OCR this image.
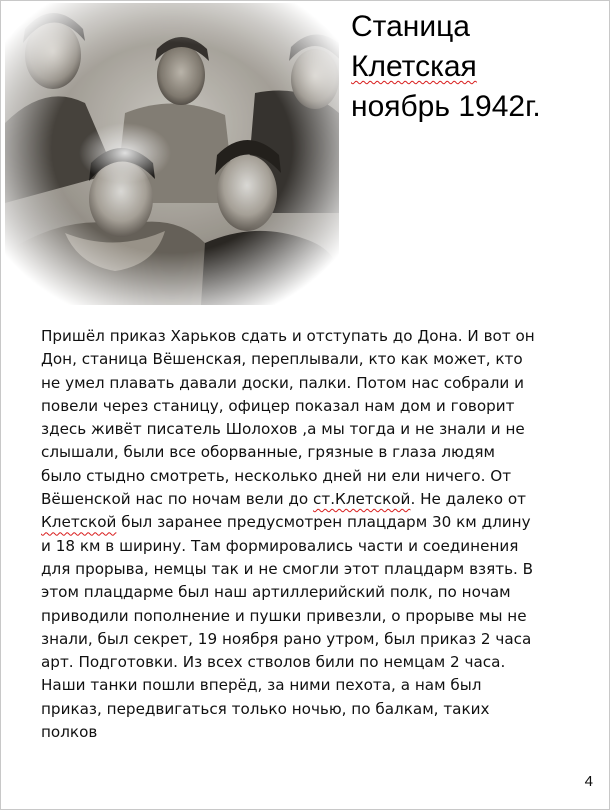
Станица
Клетская
ноябрь 1942г.
Пришёл приказ Харьков сдать и отступать до Дона. И вот он
Дон, станица Вёшенская, переплывали, кто как может, кто
не умел плавать давали доски, палки. Потом нас собрали и
повели через станицу, офицер показал нам дом и говорит
здесь живёт писатель Шолохов ,а мы тогда и не знали и не
слышали, были все оборванные, грязные в глаза людям
было стыдно смотреть, несколько дней ни ели ничего. От
Вёшенской нас по ночам вели до ст.Клетской. Не далеко от
Клетской был заранее предусмотрен плацдарм 30 км длину
и 18 км в ширину. Там формировались части и соединения
для прорыва, немцы так и не смогли этот плацдарм взять. В
этом плацдарме был наш артиллерийский полк, по ночам
приводили пополнение и пушки привезли, о прорыве мы не
знали, был секрет, 19 ноября рано утром, был приказ 2 часа
арт. Подготовки. Из всех стволов били по немцам 2 часа.
Наши танки пошли вперёд, за ними пехота, а нам был
приказ, передвигаться только ночью, по балкам, таких
полков
4
